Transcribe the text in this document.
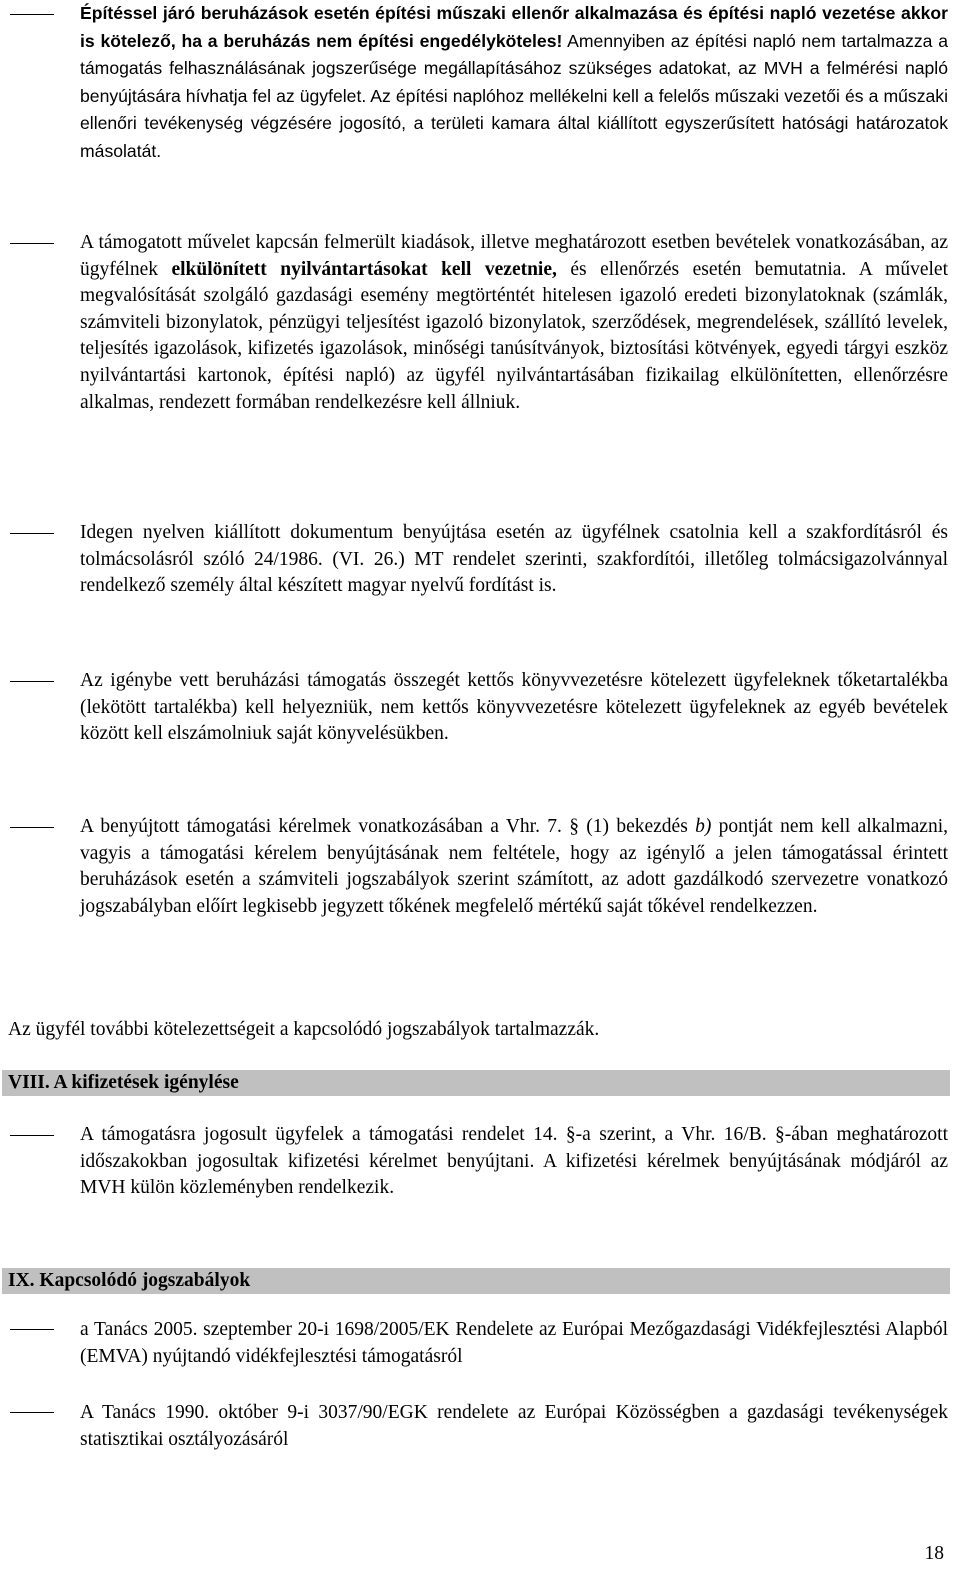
Építéssel járó beruházások esetén építési műszaki ellenőr alkalmazása és építési napló vezetése akkor is kötelező, ha a beruházás nem építési engedélyköteles! Amennyiben az építési napló nem tartalmazza a támogatás felhasználásának jogszerűsége megállapításához szükséges adatokat, az MVH a felmérési napló benyújtására hívhatja fel az ügyfelet. Az építési naplóhoz mellékelni kell a felelős műszaki vezetői és a műszaki ellenőri tevékenység végzésére jogosító, a területi kamara által kiállított egyszerűsített hatósági határozatok másolatát.

A támogatott művelet kapcsán felmerült kiadások, illetve meghatározott esetben bevételek vonatkozásában, az ügyfélnek elkülönített nyilvántartásokat kell vezetnie, és ellenőrzés esetén bemutatnia. A művelet megvalósítását szolgáló gazdasági esemény megtörténtét hitelesen igazoló eredeti bizonylatoknak (számlák, számviteli bizonylatok, pénzügyi teljesítést igazoló bizonylatok, szerződések, megrendelések, szállító levelek, teljesítés igazolások, kifizetés igazolások, minőségi tanúsítványok, biztosítási kötvények, egyedi tárgyi eszköz nyilvántartási kartonok, építési napló) az ügyfél nyilvántartásában fizikailag elkülönítetten, ellenőrzésre alkalmas, rendezett formában rendelkezésre kell állniuk.

Idegen nyelven kiállított dokumentum benyújtása esetén az ügyfélnek csatolnia kell a szakfordításról és tolmácsolásról szóló 24/1986. (VI. 26.) MT rendelet szerinti, szakfordítói, illetőleg tolmácsigazolvánnyal rendelkező személy által készített magyar nyelvű fordítást is.

Az igénybe vett beruházási támogatás összegét kettős könyvvezetésre kötelezett ügyfeleknek tőketartalékba (lekötött tartalékba) kell helyezniük, nem kettős könyvvezetésre kötelezett ügyfeleknek az egyéb bevételek között kell elszámolniuk saját könyvelésükben.

A benyújtott támogatási kérelmek vonatkozásában a Vhr. 7. § (1) bekezdés b) pontját nem kell alkalmazni, vagyis a támogatási kérelem benyújtásának nem feltétele, hogy az igénylő a jelen támogatással érintett beruházások esetén a számviteli jogszabályok szerint számított, az adott gazdálkodó szervezetre vonatkozó jogszabályban előírt legkisebb jegyzett tőkének megfelelő mértékű saját tőkével rendelkezzen.

Az ügyfél további kötelezettségeit a kapcsolódó jogszabályok tartalmazzák.

VIII. A kifizetések igénylése

A támogatásra jogosult ügyfelek a támogatási rendelet 14. §-a szerint, a Vhr. 16/B. §-ában meghatározott időszakokban jogosultak kifizetési kérelmet benyújtani. A kifizetési kérelmek benyújtásának módjáról az MVH külön közleményben rendelkezik.

IX. Kapcsolódó jogszabályok

a Tanács 2005. szeptember 20-i 1698/2005/EK Rendelete az Európai Mezőgazdasági Vidékfejlesztési Alapból (EMVA) nyújtandó vidékfejlesztési támogatásról

A Tanács 1990. október 9-i 3037/90/EGK rendelete az Európai Közösségben a gazdasági tevékenységek statisztikai osztályozásáról

18
